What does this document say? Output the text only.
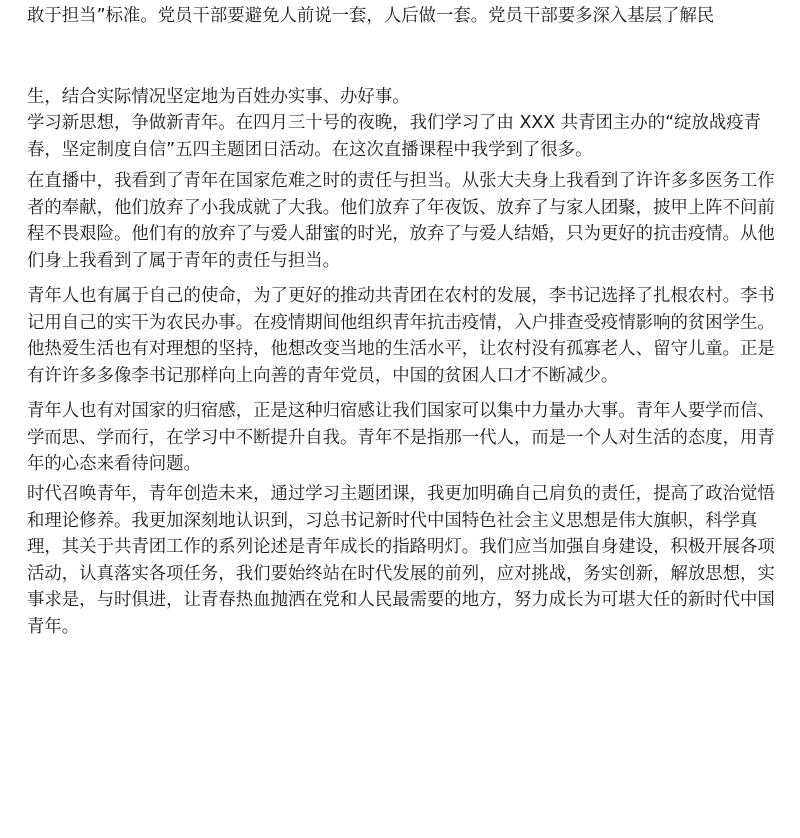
敢于担当”标准。党员干部要避免人前说一套，人后做一套。党员干部要多深入基层了解民

生，结合实际情况坚定地为百姓办实事、办好事。

学习新思想，争做新青年。在四月三十号的夜晚，我们学习了由 XXX 共青团主办的“绽放战疫青春，坚定制度自信”五四主题团日活动。在这次直播课程中我学到了很多。

在直播中，我看到了青年在国家危难之时的责任与担当。从张大夫身上我看到了许许多多医务工作者的奉献，他们放弃了小我成就了大我。他们放弃了年夜饭、放弃了与家人团聚，披甲上阵不问前程不畏艰险。他们有的放弃了与爱人甜蜜的时光，放弃了与爱人结婚，只为更好的抗击疫情。从他们身上我看到了属于青年的责任与担当。

青年人也有属于自己的使命，为了更好的推动共青团在农村的发展，李书记选择了扎根农村。李书记用自己的实干为农民办事。在疫情期间他组织青年抗击疫情，入户排查受疫情影响的贫困学生。他热爱生活也有对理想的坚持，他想改变当地的生活水平，让农村没有孤寡老人、留守儿童。正是有许许多多像李书记那样向上向善的青年党员，中国的贫困人口才不断减少。

青年人也有对国家的归宿感，正是这种归宿感让我们国家可以集中力量办大事。青年人要学而信、学而思、学而行，在学习中不断提升自我。青年不是指那一代人，而是一个人对生活的态度，用青年的心态来看待问题。

时代召唤青年，青年创造未来，通过学习主题团课，我更加明确自己肩负的责任，提高了政治觉悟和理论修养。我更加深刻地认识到，习总书记新时代中国特色社会主义思想是伟大旗帜，科学真理，其关于共青团工作的系列论述是青年成长的指路明灯。我们应当加强自身建设，积极开展各项活动，认真落实各项任务，我们要始终站在时代发展的前列，应对挑战，务实创新，解放思想，实事求是，与时俱进，让青春热血抛洒在党和人民最需要的地方，努力成长为可堪大任的新时代中国青年。
